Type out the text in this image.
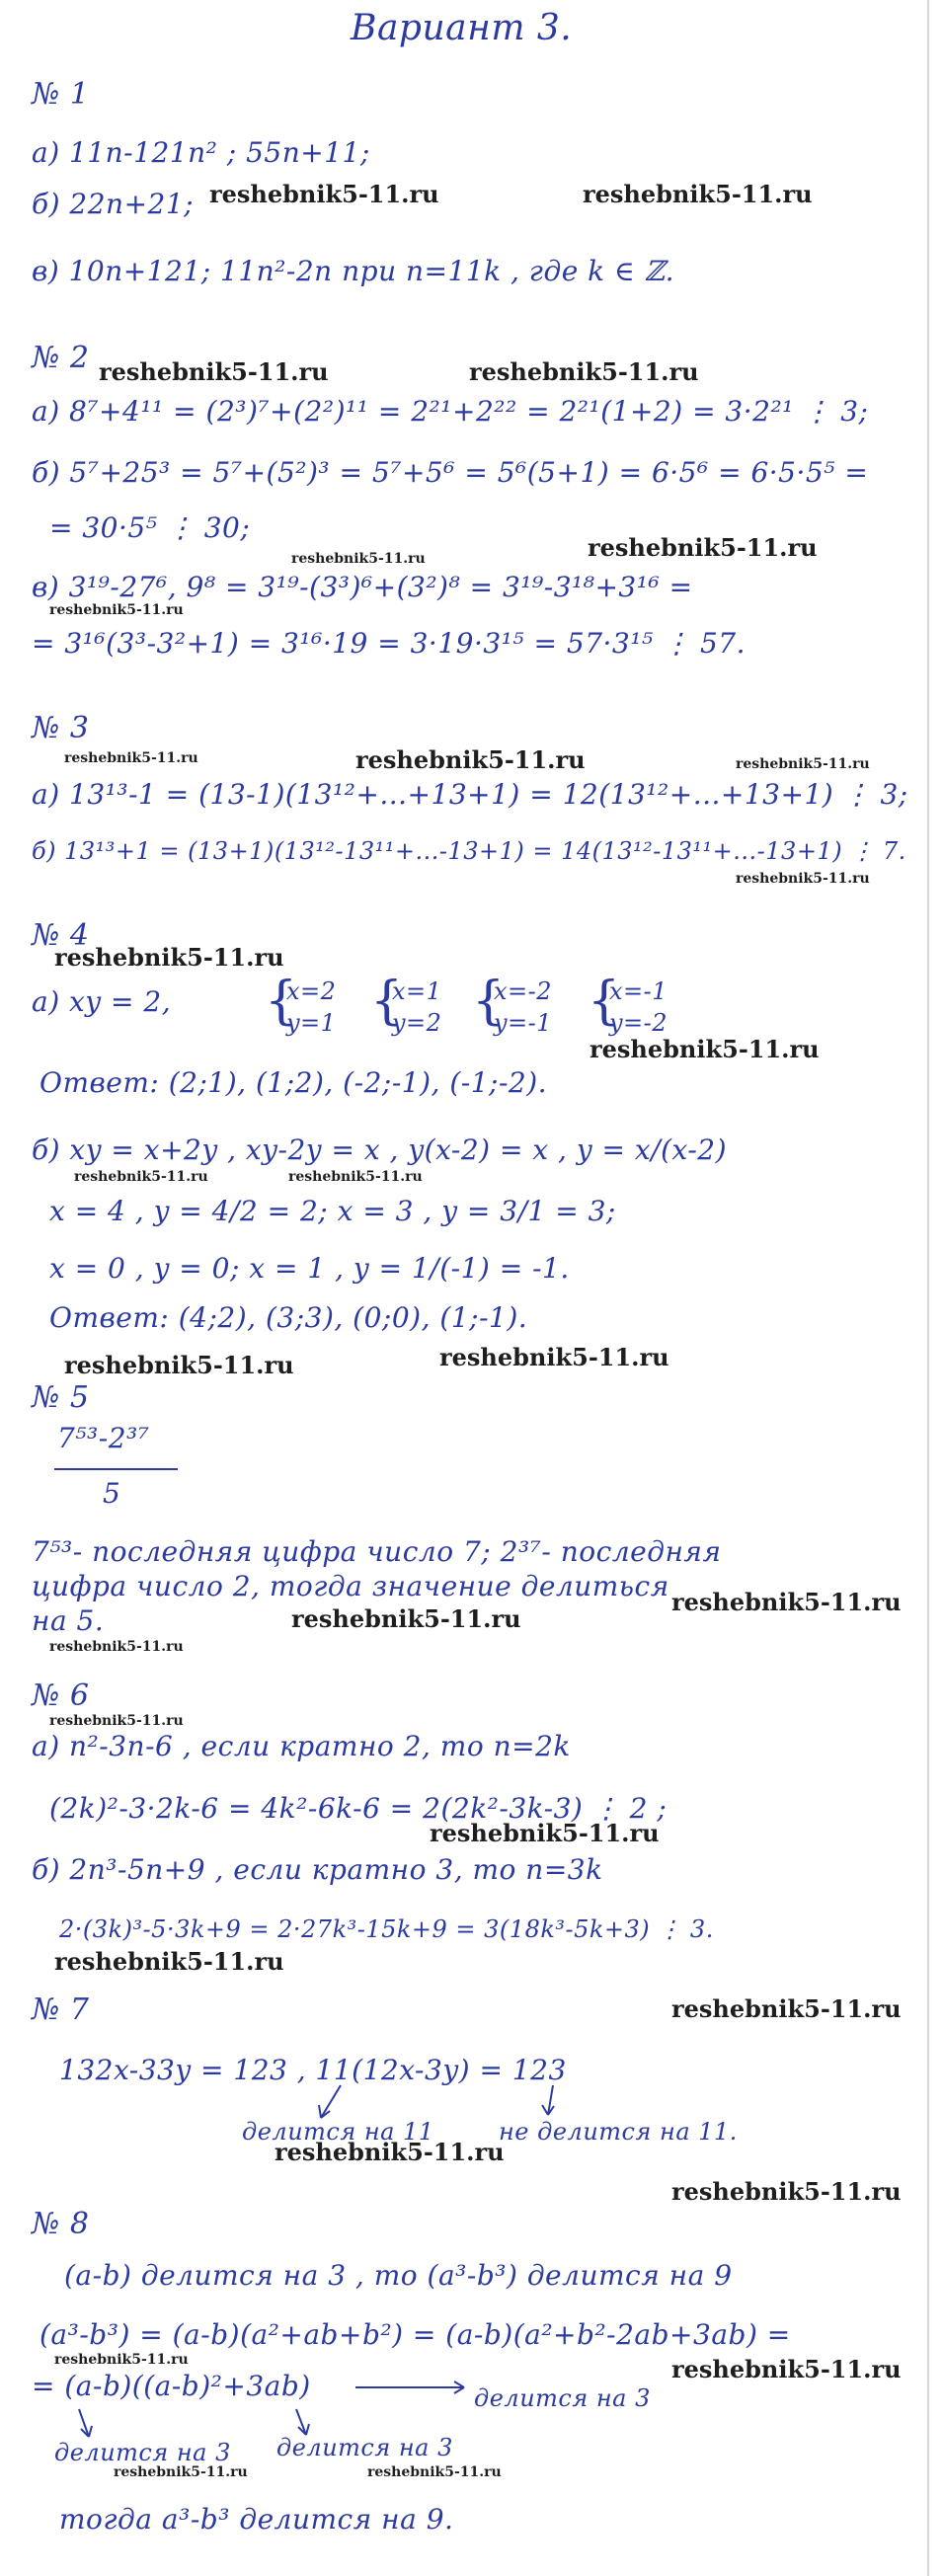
Вариант 3.
№ 1
а) 11n-121n² ; 55n+11;
б) 22n+21;
в) 10n+121; 11n²-2n при n=11k , где k ∈ ℤ.
№ 2
а) 8⁷+4¹¹ = (2³)⁷+(2²)¹¹ = 2²¹+2²² = 2²¹(1+2) = 3·2²¹ ⋮ 3;
б) 5⁷+25³ = 5⁷+(5²)³ = 5⁷+5⁶ = 5⁶(5+1) = 6·5⁶ = 6·5·5⁵ =
= 30·5⁵ ⋮ 30;
в) 3¹⁹-27⁶, 9⁸ = 3¹⁹-(3³)⁶+(3²)⁸ = 3¹⁹-3¹⁸+3¹⁶ =
= 3¹⁶(3³-3²+1) = 3¹⁶·19 = 3·19·3¹⁵ = 57·3¹⁵ ⋮ 57.
№ 3
а) 13¹³-1 = (13-1)(13¹²+...+13+1) = 12(13¹²+...+13+1) ⋮ 3;
б) 13¹³+1 = (13+1)(13¹²-13¹¹+...-13+1) = 14(13¹²-13¹¹+...-13+1) ⋮ 7.
№ 4
а) xy = 2, {
x=2
y=1 {
x=1
y=2 {
x=-2
y=-1 {
x=-1
y=-2
Ответ: (2;1), (1;2), (-2;-1), (-1;-2).
б) xy = x+2y , xy-2y = x , y(x-2) = x , y = x/(x-2)
x = 4 , y = 4/2 = 2; x = 3 , y = 3/1 = 3;
x = 0 , y = 0; x = 1 , y = 1/(-1) = -1.
Ответ: (4;2), (3;3), (0;0), (1;-1).
№ 5
7⁵³-2³⁷
5
7⁵³- последняя цифра число 7; 2³⁷- последняя
цифра число 2, тогда значение делиться
на 5.
№ 6
а) n²-3n-6 , если кратно 2, то n=2k
(2k)²-3·2k-6 = 4k²-6k-6 = 2(2k²-3k-3) ⋮ 2 ;
б) 2n³-5n+9 , если кратно 3, то n=3k
2·(3k)³-5·3k+9 = 2·27k³-15k+9 = 3(18k³-5k+3) ⋮ 3.
№ 7
132x-33y = 123 , 11(12x-3y) = 123
делится на 11	не делится на 11.
№ 8
(a-b) делится на 3 , то (a³-b³) делится на 9
(a³-b³) = (a-b)(a²+ab+b²) = (a-b)(a²+b²-2ab+3ab) =
= (a-b)((a-b)²+3ab)	делится на 3
делится на 3 делится на 3
тогда a³-b³ делится на 9.
reshebnik5-11.ru	reshebnik5-11.ru
reshebnik5-11.ru	reshebnik5-11.ru
reshebnik5-11.ru
reshebnik5-11.ru
reshebnik5-11.ru
reshebnik5-11.ru	reshebnik5-11.ru	reshebnik5-11.ru
reshebnik5-11.ru
reshebnik5-11.ru
reshebnik5-11.ru
reshebnik5-11.ru	reshebnik5-11.ru
reshebnik5-11.ru	reshebnik5-11.ru
reshebnik5-11.ru
reshebnik5-11.ru
reshebnik5-11.ru
reshebnik5-11.ru
reshebnik5-11.ru
reshebnik5-11.ru
reshebnik5-11.ru
reshebnik5-11.ru
reshebnik5-11.ru
reshebnik5-11.ru
reshebnik5-11.ru
reshebnik5-11.ru	reshebnik5-11.ru
